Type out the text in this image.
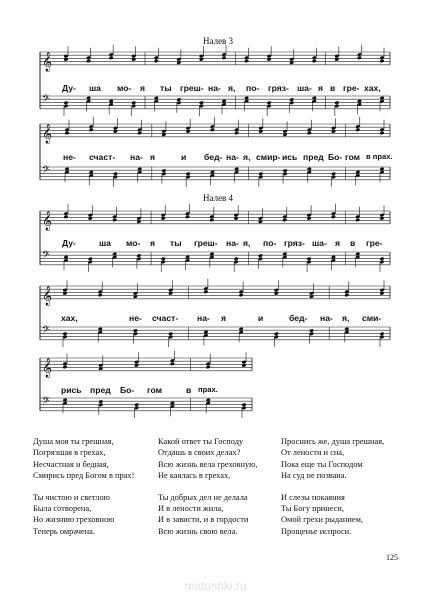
Налев 3
Налев 4
𝄞
𝄢
𝄞
𝄢
𝄞
𝄢
𝄞
𝄢
𝄞
𝄢
Ду- ша мо- я ты греш- на- я, по- гряз- ша- я в гре- хах,
не- счаст- на- я	и бед- на- я, смир- ись пред Бо- гом в прах.
Ду-	ша мо- я ты греш- на- я, по- гряз- ша- я в гре-
хах,	не- счаст- на- я	и	бед- на- я, сми-
рись пред Бо- гом	в прах.
Душа моя ты грешная,
Погрязшая в грехах,
Несчастная и бедная,
Смирись пред Богом в прах!
Ты чистою и светлою
Была сотворена,
Но жизнию греховною
Теперь омрачена.
Какой ответ ты Господу
Отдашь в своих делах?
Всю жизнь вела греховную,
Не каялась в грехах.
Ты добрых дел не делала
И в лености жила,
И в зависти, и в гордости
Всю жизнь свою вела.
Проснись же, душа грешная,
От лености и сна,
Пока еще ты Господом
На суд не позвана.
И слезы покаяния
Ты Богу принеси,
Омой грехи рыданием,
Прощенье испроси.
125
matushki.ru
